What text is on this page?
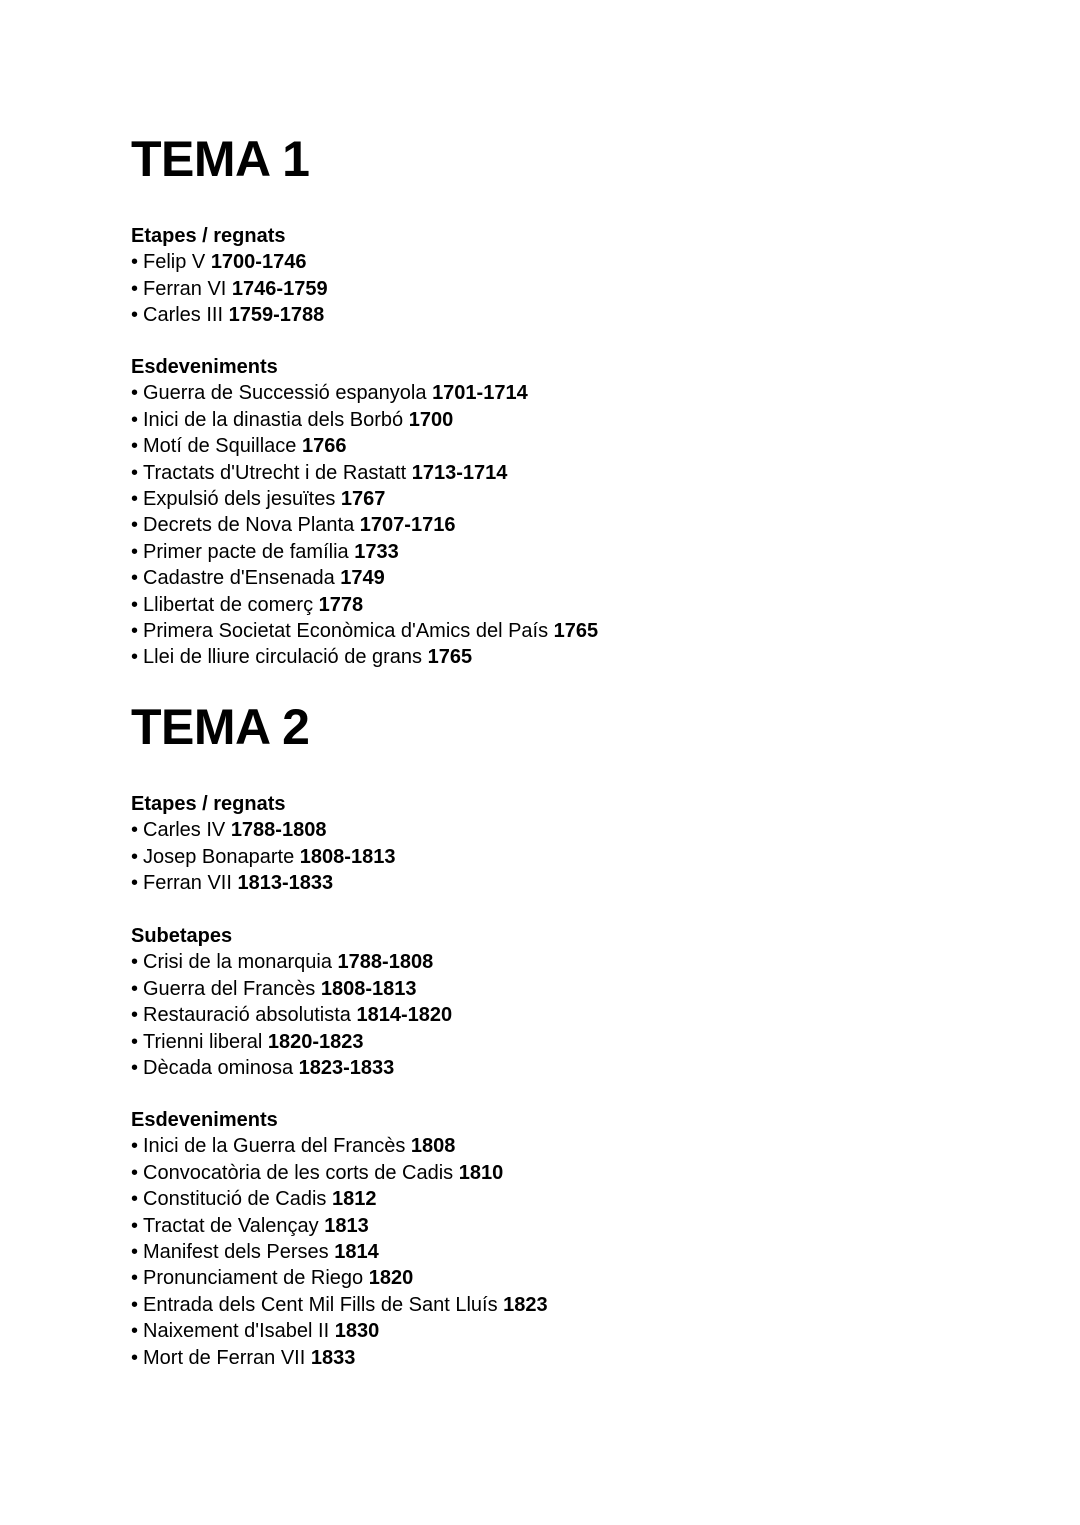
TEMA 1
Etapes / regnats
• Felip V 1700-1746
• Ferran VI 1746-1759
• Carles III 1759-1788
Esdeveniments
• Guerra de Successió espanyola 1701-1714
• Inici de la dinastia dels Borbó 1700
• Motí de Squillace 1766
• Tractats d'Utrecht i de Rastatt 1713-1714
• Expulsió dels jesuïtes 1767
• Decrets de Nova Planta 1707-1716
• Primer pacte de família 1733
• Cadastre d'Ensenada 1749
• Llibertat de comerç 1778
• Primera Societat Econòmica d'Amics del País 1765
• Llei de lliure circulació de grans 1765
TEMA 2
Etapes / regnats
• Carles IV 1788-1808
• Josep Bonaparte 1808-1813
• Ferran VII 1813-1833
Subetapes
• Crisi de la monarquia 1788-1808
• Guerra del Francès 1808-1813
• Restauració absolutista 1814-1820
• Trienni liberal 1820-1823
• Dècada ominosa 1823-1833
Esdeveniments
• Inici de la Guerra del Francès 1808
• Convocatòria de les corts de Cadis 1810
• Constitució de Cadis 1812
• Tractat de Valençay 1813
• Manifest dels Perses 1814
• Pronunciament de Riego 1820
• Entrada dels Cent Mil Fills de Sant Lluís 1823
• Naixement d'Isabel II 1830
• Mort de Ferran VII 1833
